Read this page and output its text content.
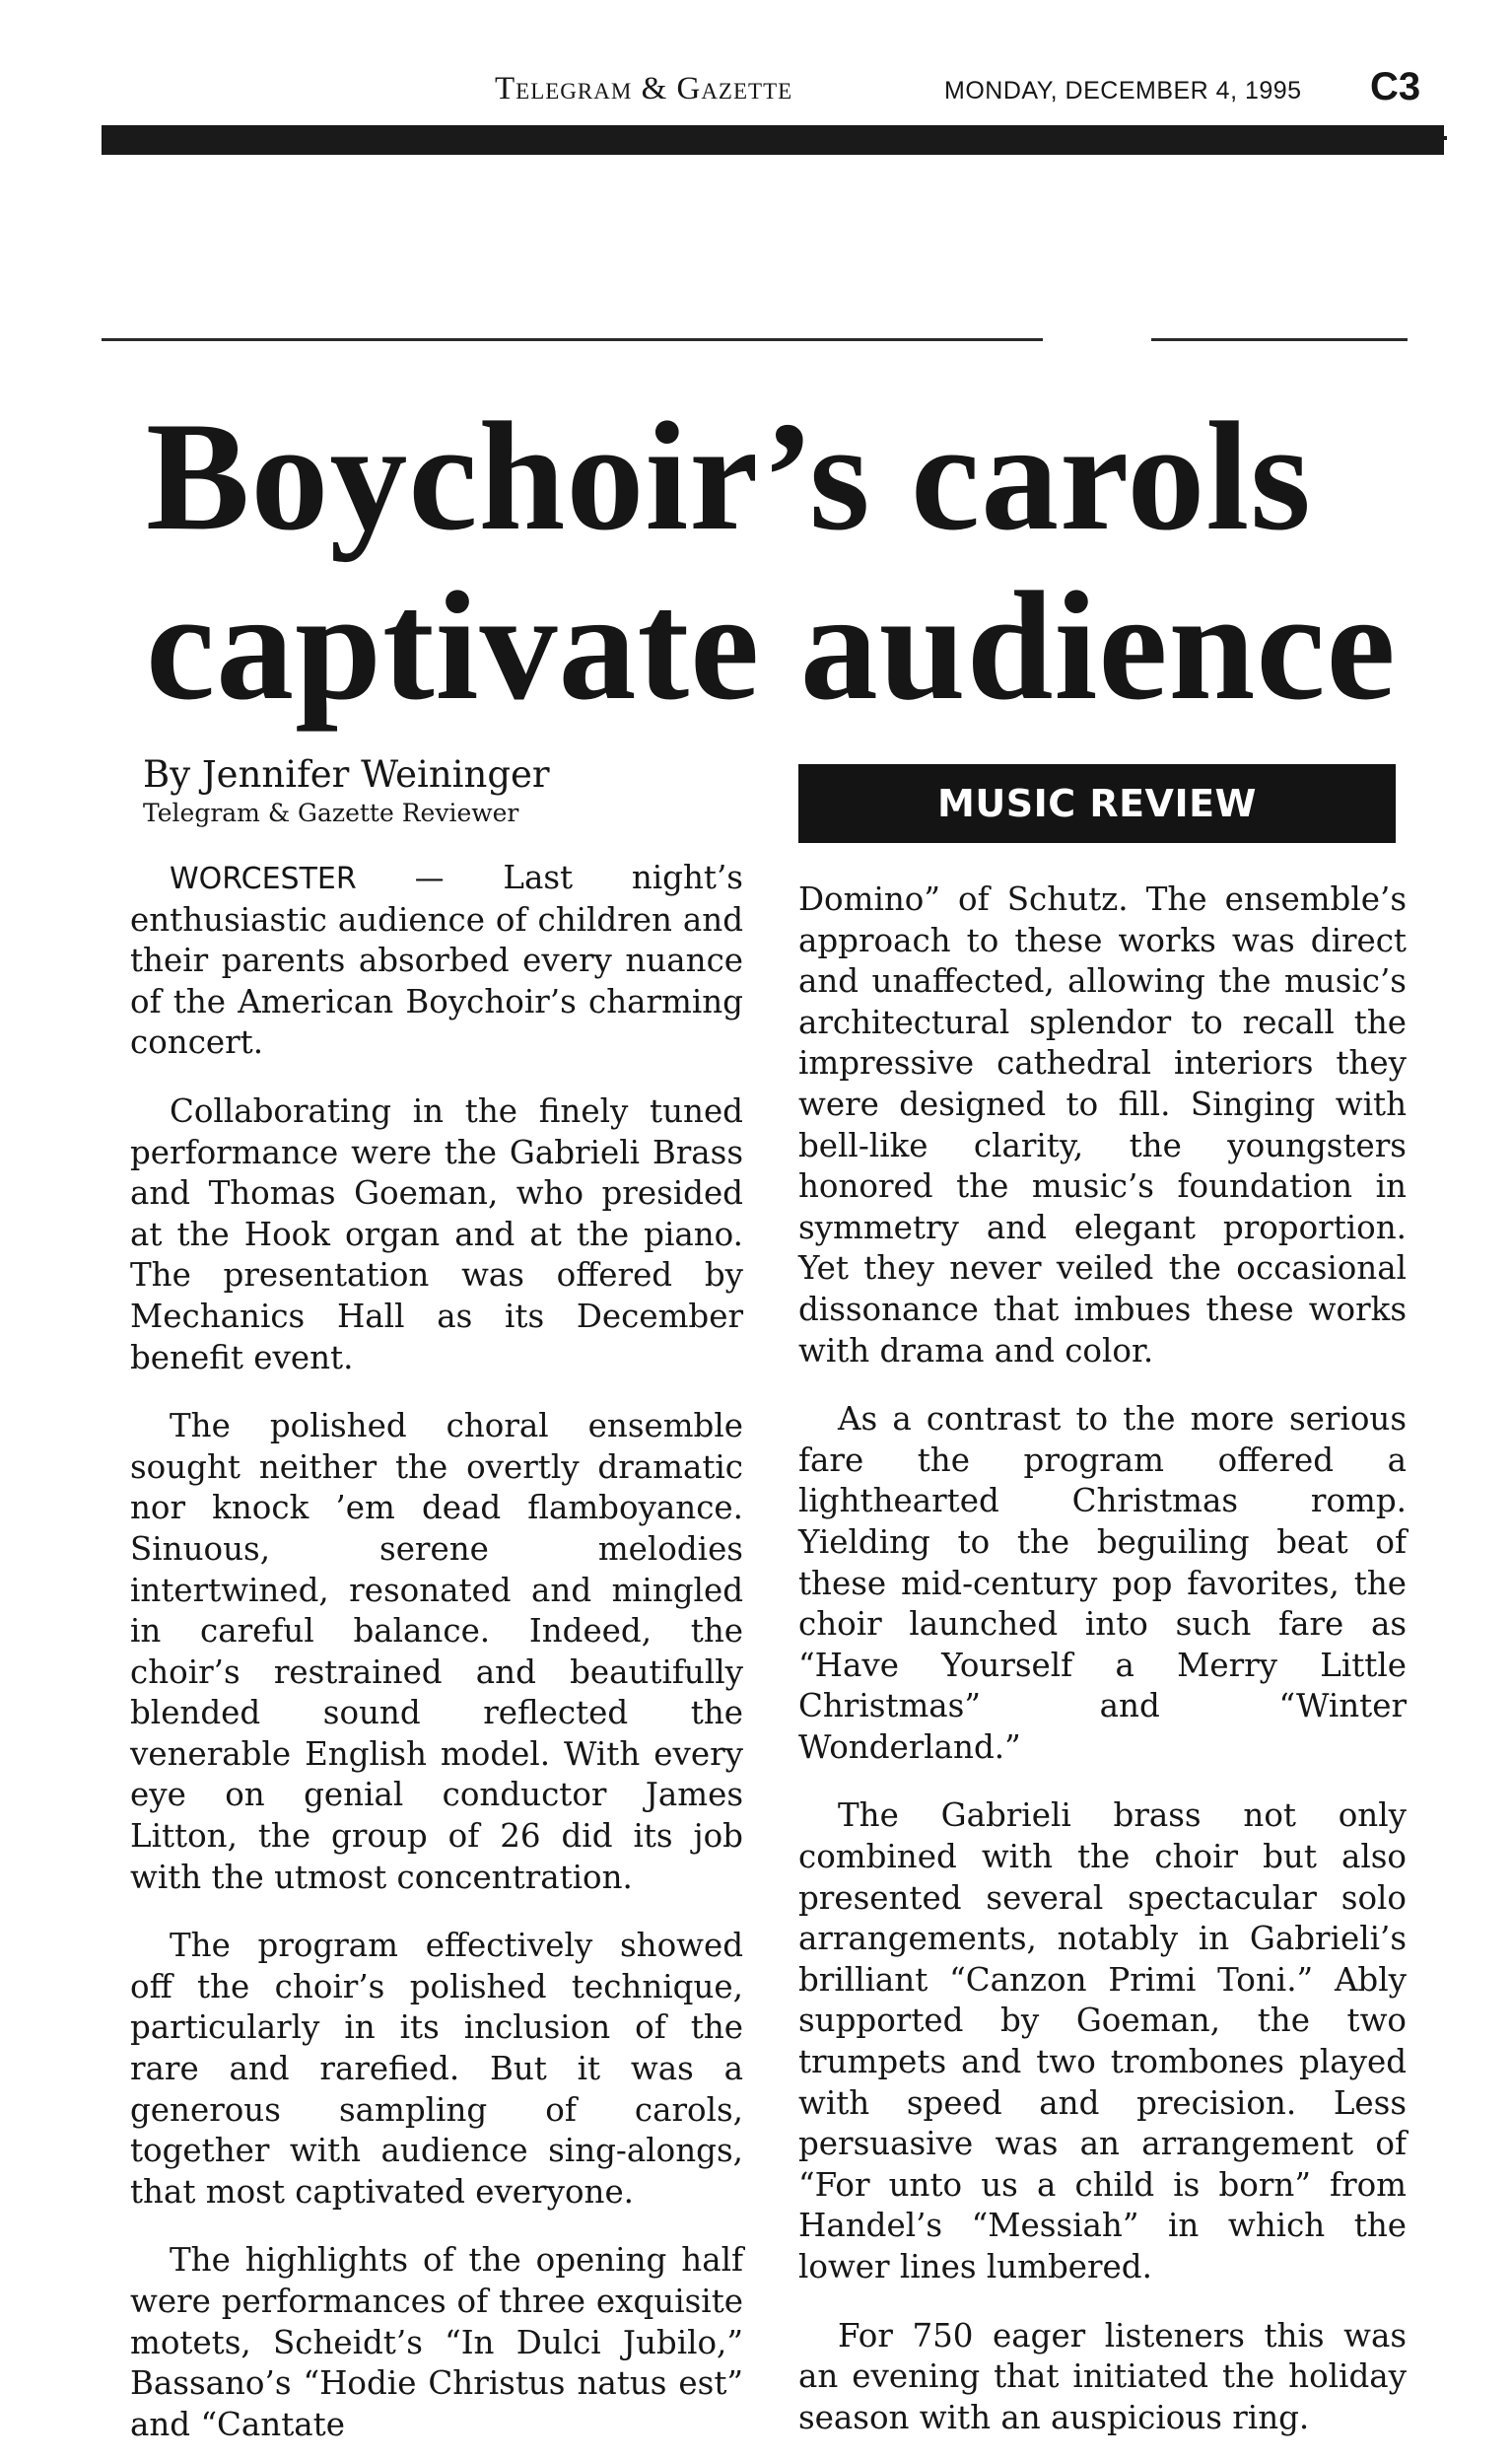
Telegram & Gazette	MONDAY, DECEMBER 4, 1995 C3
Boychoir’s carols
captivate audience
By Jennifer Weininger
Telegram & Gazette Reviewer	MUSIC REVIEW

WORCESTER — Last night’s enthusiastic audience of children and their parents absorbed every nuance of the American Boychoir’s charming concert.

Collaborating in the finely tuned performance were the Gabrieli Brass and Thomas Goeman, who presided at the Hook organ and at the piano. The presentation was offered by Mechanics Hall as its December benefit event.

The polished choral ensemble sought neither the overtly dramatic nor knock ’em dead flamboyance. Sinuous, serene melodies intertwined, resonated and mingled in careful balance. Indeed, the choir’s restrained and beautifully blended sound reflected the venerable English model. With every eye on genial conductor James Litton, the group of 26 did its job with the utmost concentration.

The program effectively showed off the choir’s polished technique, particularly in its inclusion of the rare and rarefied. But it was a generous sampling of carols, together with audience sing-alongs, that most captivated everyone.

The highlights of the opening half were performances of three exquisite motets, Scheidt’s “In Dulci Jubilo,” Bassano’s “Hodie Christus natus est” and “Cantate

Domino” of Schutz. The ensemble’s approach to these works was direct and unaffected, allowing the music’s architectural splendor to recall the impressive cathedral interiors they were designed to fill. Singing with bell-like clarity, the youngsters honored the music’s foundation in symmetry and elegant proportion. Yet they never veiled the occasional dissonance that imbues these works with drama and color.

As a contrast to the more serious fare the program offered a lighthearted Christmas romp. Yielding to the beguiling beat of these mid-century pop favorites, the choir launched into such fare as “Have Yourself a Merry Little Christmas” and “Winter Wonderland.”

The Gabrieli brass not only combined with the choir but also presented several spectacular solo arrangements, notably in Gabrieli’s brilliant “Canzon Primi Toni.” Ably supported by Goeman, the two trumpets and two trombones played with speed and precision. Less persuasive was an arrangement of “For unto us a child is born” from Handel’s “Messiah” in which the lower lines lumbered.

For 750 eager listeners this was an evening that initiated the holiday season with an auspicious ring.
